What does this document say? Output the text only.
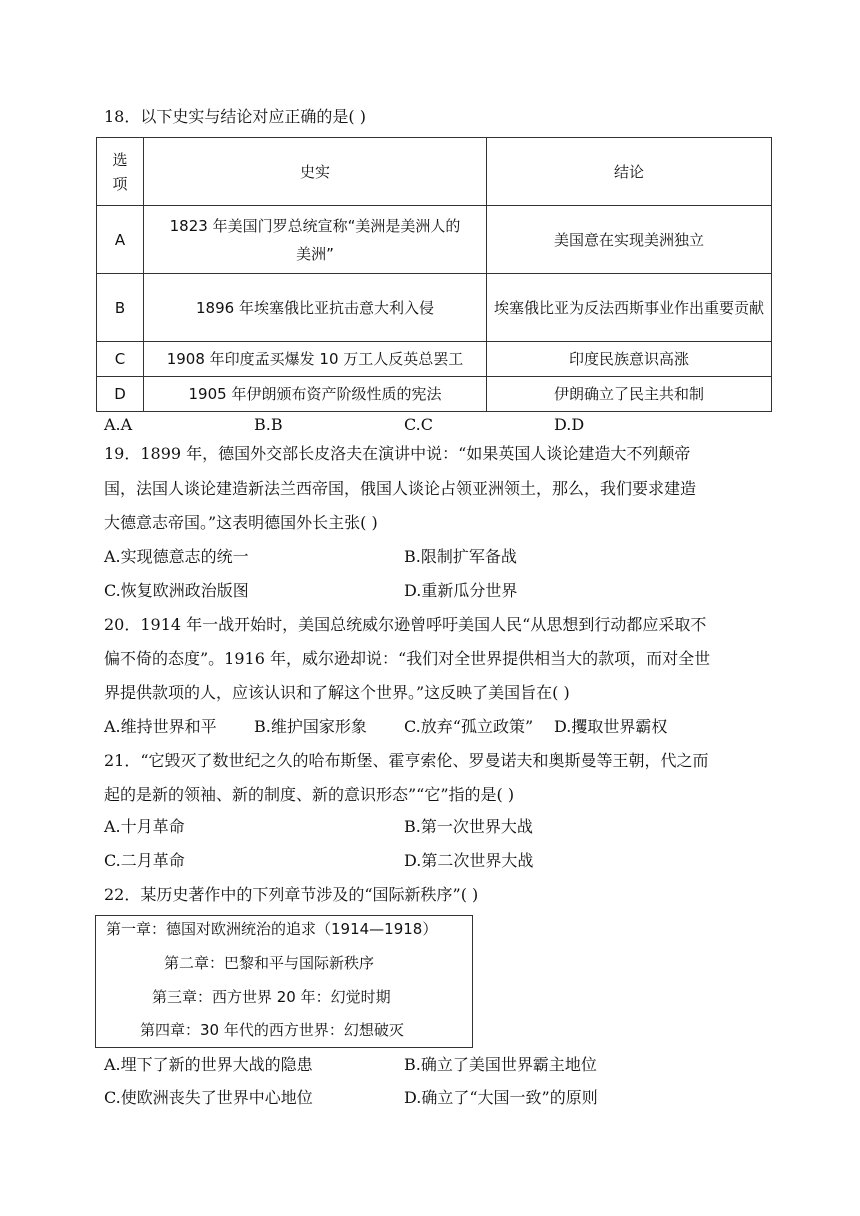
18．以下史实与结论对应正确的是( )
选项	史实	结论
A	1823 年美国门罗总统宣称“美洲是美洲人的美洲”	美国意在实现美洲独立
B	1896 年埃塞俄比亚抗击意大利入侵	埃塞俄比亚为反法西斯事业作出重要贡献
C	1908 年印度孟买爆发 10 万工人反英总罢工	印度民族意识高涨
D	1905 年伊朗颁布资产阶级性质的宪法	伊朗确立了民主共和制
A.A	B.B	C.C	D.D
19．1899 年，德国外交部长皮洛夫在演讲中说：“如果英国人谈论建造大不列颠帝
国，法国人谈论建造新法兰西帝国，俄国人谈论占领亚洲领土，那么，我们要求建造
大德意志帝国。”这表明德国外长主张( )
A.实现德意志的统一	B.限制扩军备战
C.恢复欧洲政治版图	D.重新瓜分世界
20．1914 年一战开始时，美国总统威尔逊曾呼吁美国人民“从思想到行动都应采取不
偏不倚的态度”。1916 年，威尔逊却说：“我们对全世界提供相当大的款项，而对全世
界提供款项的人，应该认识和了解这个世界。”这反映了美国旨在( )
A.维持世界和平 B.维护国家形象 C.放弃“孤立政策” D.攫取世界霸权
21．“它毁灭了数世纪之久的哈布斯堡、霍亨索伦、罗曼诺夫和奥斯曼等王朝，代之而
起的是新的领袖、新的制度、新的意识形态”“它”指的是( )
A.十月革命	B.第一次世界大战
C.二月革命	D.第二次世界大战
22．某历史著作中的下列章节涉及的“国际新秩序”( )
第一章：德国对欧洲统治的追求（1914—1918）
第二章：巴黎和平与国际新秩序
第三章：西方世界 20 年：幻觉时期
第四章：30 年代的西方世界：幻想破灭
A.埋下了新的世界大战的隐患	B.确立了美国世界霸主地位
C.使欧洲丧失了世界中心地位	D.确立了“大国一致”的原则
